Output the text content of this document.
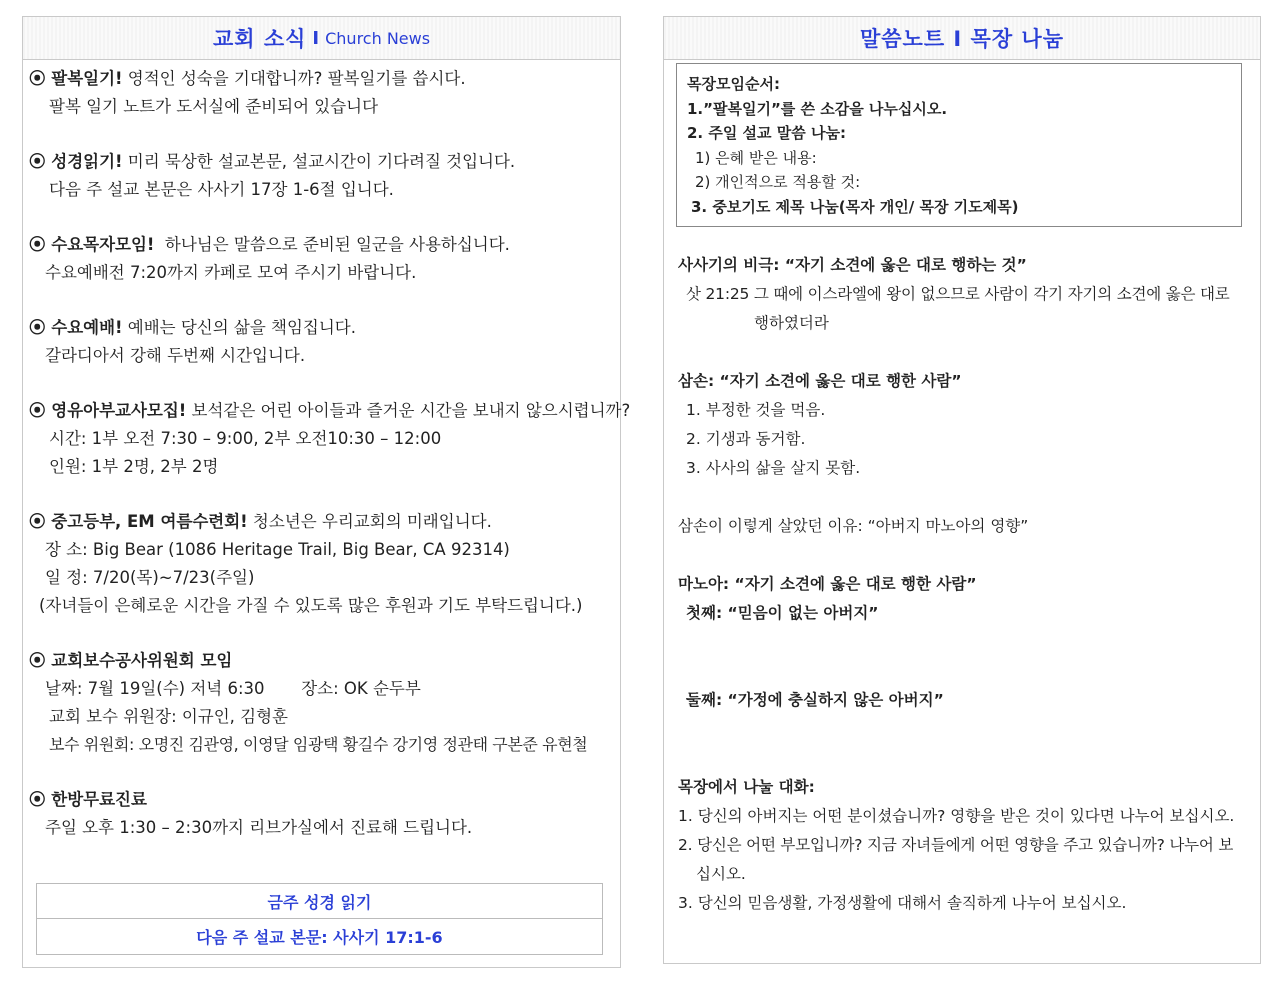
교회 소식 I Church News
⦿ 팔복일기! 영적인 성숙을 기대합니까? 팔복일기를 씁시다.
팔복 일기 노트가 도서실에 준비되어 있습니다
⦿ 성경읽기! 미리 묵상한 설교본문, 설교시간이 기다려질 것입니다.
다음 주 설교 본문은 사사기 17장 1-6절 입니다.
⦿ 수요목자모임!  하나님은 말씀으로 준비된 일군을 사용하십니다.
수요예배전 7:20까지 카페로 모여 주시기 바랍니다.
⦿ 수요예배! 예배는 당신의 삶을 책임집니다.
갈라디아서 강해 두번째 시간입니다.
⦿ 영유아부교사모집! 보석같은 어린 아이들과 즐거운 시간을 보내지 않으시렵니까?
시간: 1부 오전 7:30 – 9:00, 2부 오전10:30 – 12:00
인원: 1부 2명, 2부 2명
⦿ 중고등부, EM 여름수련회! 청소년은 우리교회의 미래입니다.
장 소: Big Bear (1086 Heritage Trail, Big Bear, CA 92314)
일 정: 7/20(목)~7/23(주일)
(자녀들이 은혜로운 시간을 가질 수 있도록 많은 후원과 기도 부탁드립니다.)
⦿ 교회보수공사위원회 모임
날짜: 7월 19일(수) 저녁 6:30       장소: OK 순두부
교회 보수 위원장: 이규인, 김형훈
보수 위원회: 오명진 김관영, 이영달 임광택 황길수 강기영 정관태 구본준 유현철
⦿ 한방무료진료
주일 오후 1:30 – 2:30까지 리브가실에서 진료해 드립니다.
금주 성경 읽기
다음 주 설교 본문: 사사기 17:1-6
말씀노트 I 목장 나눔
목장모임순서:
1.”팔복일기”를 쓴 소감을 나누십시오.
2. 주일 설교 말씀 나눔:
1) 은혜 받은 내용:
2) 개인적으로 적용할 것:
3. 중보기도 제목 나눔(목자 개인/ 목장 기도제목)
사사기의 비극: “자기 소견에 옳은 대로 행하는 것”
삿 21:25 그 때에 이스라엘에 왕이 없으므로 사람이 각기 자기의 소견에 옳은 대로
행하였더라
삼손: “자기 소견에 옳은 대로 행한 사람”
1. 부정한 것을 먹음.
2. 기생과 동거함.
3. 사사의 삶을 살지 못함.
삼손이 이렇게 살았던 이유: “아버지 마노아의 영향”
마노아: “자기 소견에 옳은 대로 행한 사람”
첫째: “믿음이 없는 아버지”
둘째: “가정에 충실하지 않은 아버지”
목장에서 나눌 대화:
1. 당신의 아버지는 어떤 분이셨습니까? 영향을 받은 것이 있다면 나누어 보십시오.
2. 당신은 어떤 부모입니까? 지금 자녀들에게 어떤 영향을 주고 있습니까? 나누어 보
십시오.
3. 당신의 믿음생활, 가정생활에 대해서 솔직하게 나누어 보십시오.
